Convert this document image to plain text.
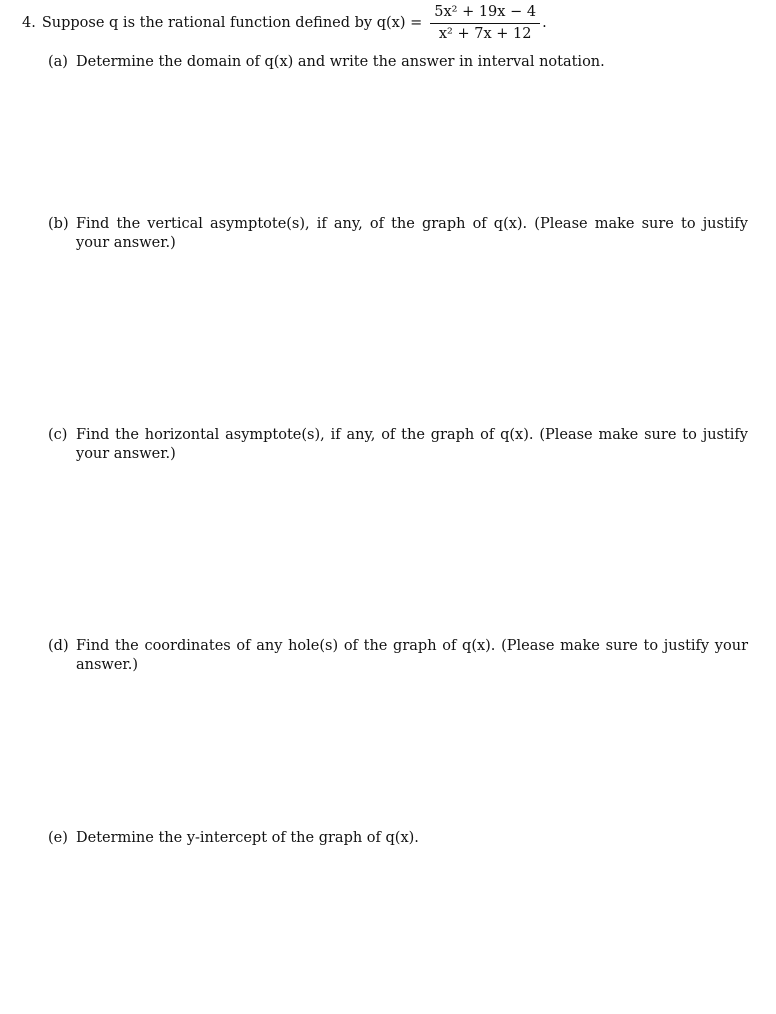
4. Suppose q is the rational function defined by $q(x) = \frac{\text{5x² + 19x − 4}}{\text{x² + 7x + 12}}$ .
(a) Determine the domain of q(x) and write the answer in interval notation.
(b) Find the vertical asymptote(s), if any, of the graph of q(x). (Please make sure to justify your answer.)
(c) Find the horizontal asymptote(s), if any, of the graph of q(x). (Please make sure to justify your answer.)
(d) Find the coordinates of any hole(s) of the graph of q(x). (Please make sure to justify your answer.)
(e) Determine the y-intercept of the graph of q(x).
